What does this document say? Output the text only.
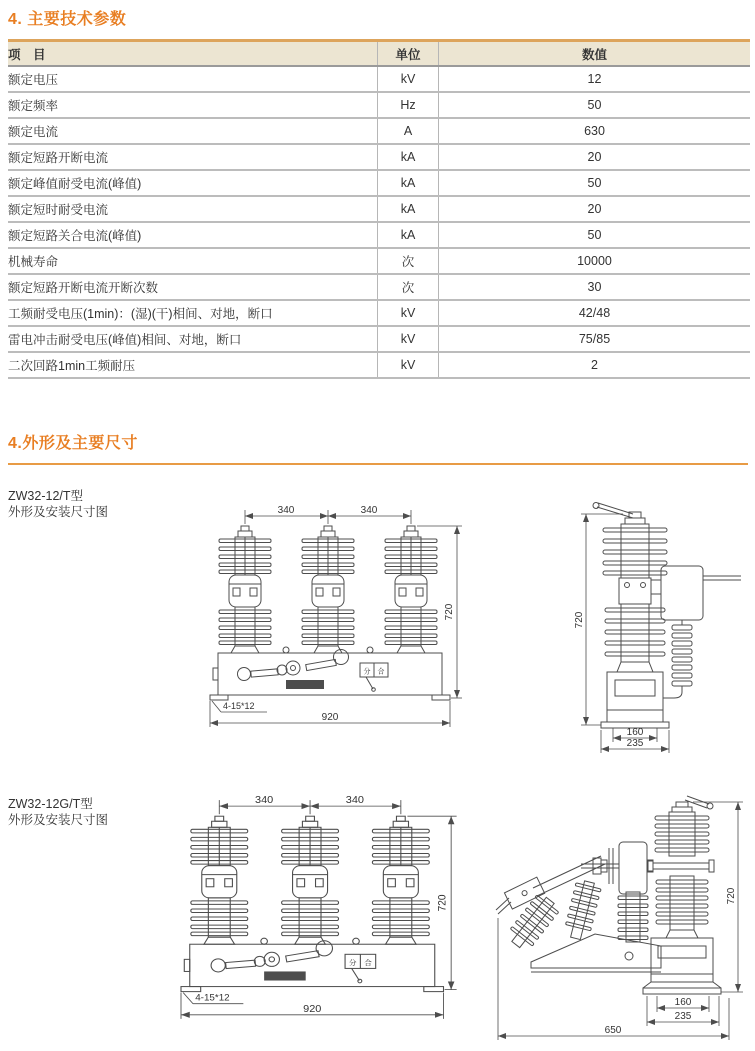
4. 主要技术参数
项　目	单位	数值
额定电压	kV	12
额定频率	Hz	50
额定电流	A	630
额定短路开断电流	kA	20
额定峰值耐受电流(峰值)	kA	50
额定短时耐受电流	kA	20
额定短路关合电流(峰值)	kA	50
机械寿命	次	10000
额定短路开断电流开断次数	次	30
工频耐受电压(1min)：(湿)(干)相间、对地，断口	kV	42/48
雷电冲击耐受电压(峰值)相间、对地，断口	kV	75/85
二次回路1min工频耐压	kV	2
4.外形及主要尺寸
ZW32-12/T型
外形及安装尺寸图
分 合
340	340
720
920
4-15*12
720
160
235
ZW32-12G/T型
外形及安装尺寸图
分 合
340	340
720
920
4-15*12
720
160
235
650
